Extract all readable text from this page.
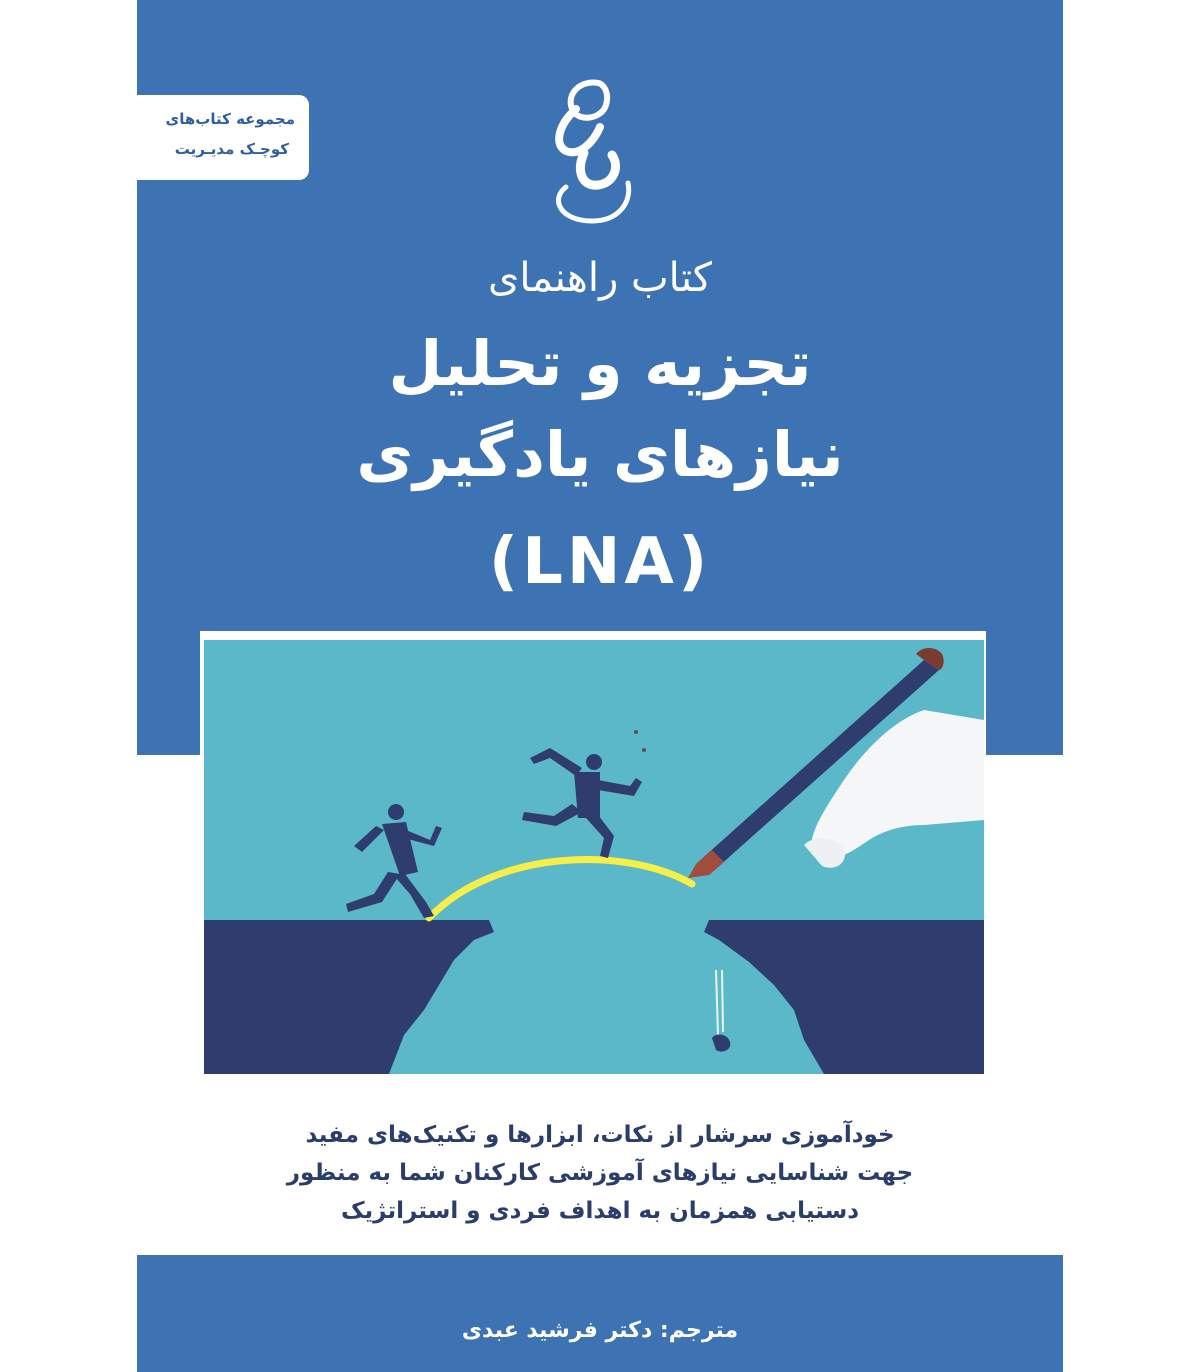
مجموعه کتاب‌های
کوچـک مدیـریت
کتاب راهنمای
تجزیه و تحلیل
نیازهای یادگیری
(LNA)
خودآموزی سرشار از نکات، ابزارها و تکنیک‌های مفید
جهت شناسایی نیازهای آموزشی کارکنان شما به منظور
دستیابی همزمان به اهداف فردی و استراتژیک
مترجم: دکتر فرشید عبدی
